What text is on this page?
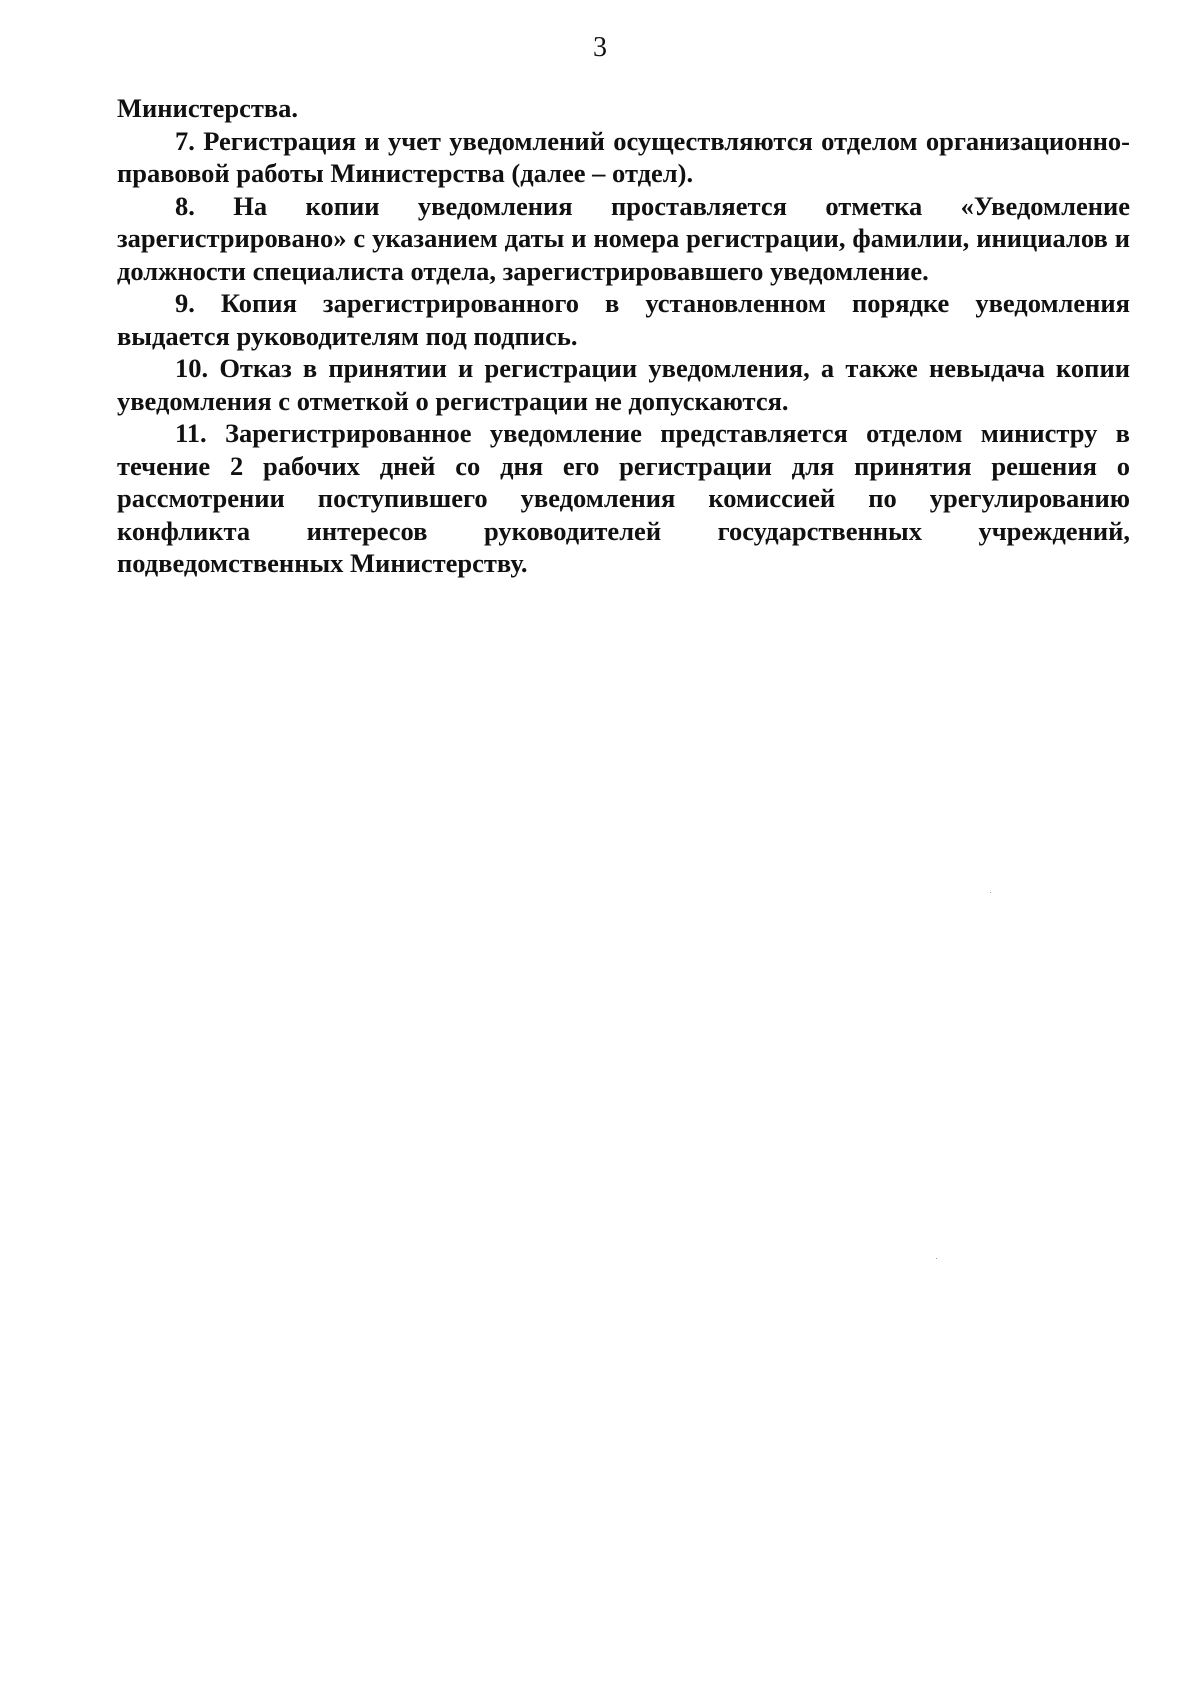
3

Министерства.

7. Регистрация и учет уведомлений осуществляются отделом организационно-правовой работы Министерства (далее – отдел).

8. На копии уведомления проставляется отметка «Уведомление зарегистрировано» с указанием даты и номера регистрации, фамилии, инициалов и должности специалиста отдела, зарегистрировавшего уведомление.

9. Копия зарегистрированного в установленном порядке уведомления выдается руководителям под подпись.

10. Отказ в принятии и регистрации уведомления, а также невыдача копии уведомления с отметкой о регистрации не допускаются.

11. Зарегистрированное уведомление представляется отделом министру в течение 2 рабочих дней со дня его регистрации для принятия решения о рассмотрении поступившего уведомления комиссией по урегулированию конфликта интересов руководителей государственных учреждений, подведомственных Министерству.
